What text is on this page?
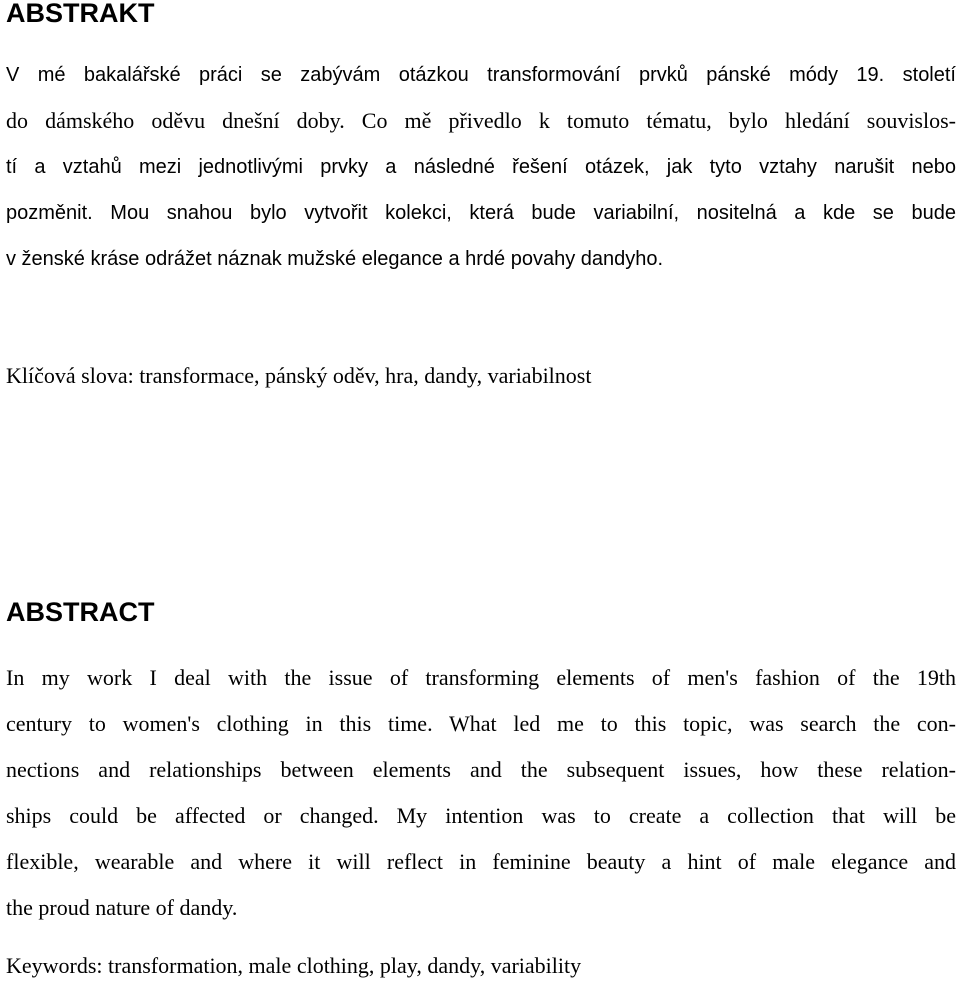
ABSTRAKT
V mé bakalářské práci se zabývám otázkou transformování prvků pánské módy 19. století
do dámského oděvu dnešní doby. Co mě přivedlo k tomuto tématu, bylo hledání souvislos-
tí a vztahů mezi jednotlivými prvky a následné řešení otázek, jak tyto vztahy narušit nebo
pozměnit. Mou snahou bylo vytvořit kolekci, která bude variabilní, nositelná a kde se bude
v ženské kráse odrážet náznak mužské elegance a hrdé povahy dandyho.

Klíčová slova: transformace, pánský oděv, hra, dandy, variabilnost

ABSTRACT
In my work I deal with the issue of transforming elements of men's fashion of the 19th
century to women's clothing in this time. What led me to this topic, was search the con-
nections and relationships between elements and the subsequent issues, how these relation-
ships could be affected or changed. My intention was to create a collection that will be
flexible, wearable and where it will reflect in feminine beauty a hint of male elegance and
the proud nature of dandy.

Keywords: transformation, male clothing, play, dandy, variability
